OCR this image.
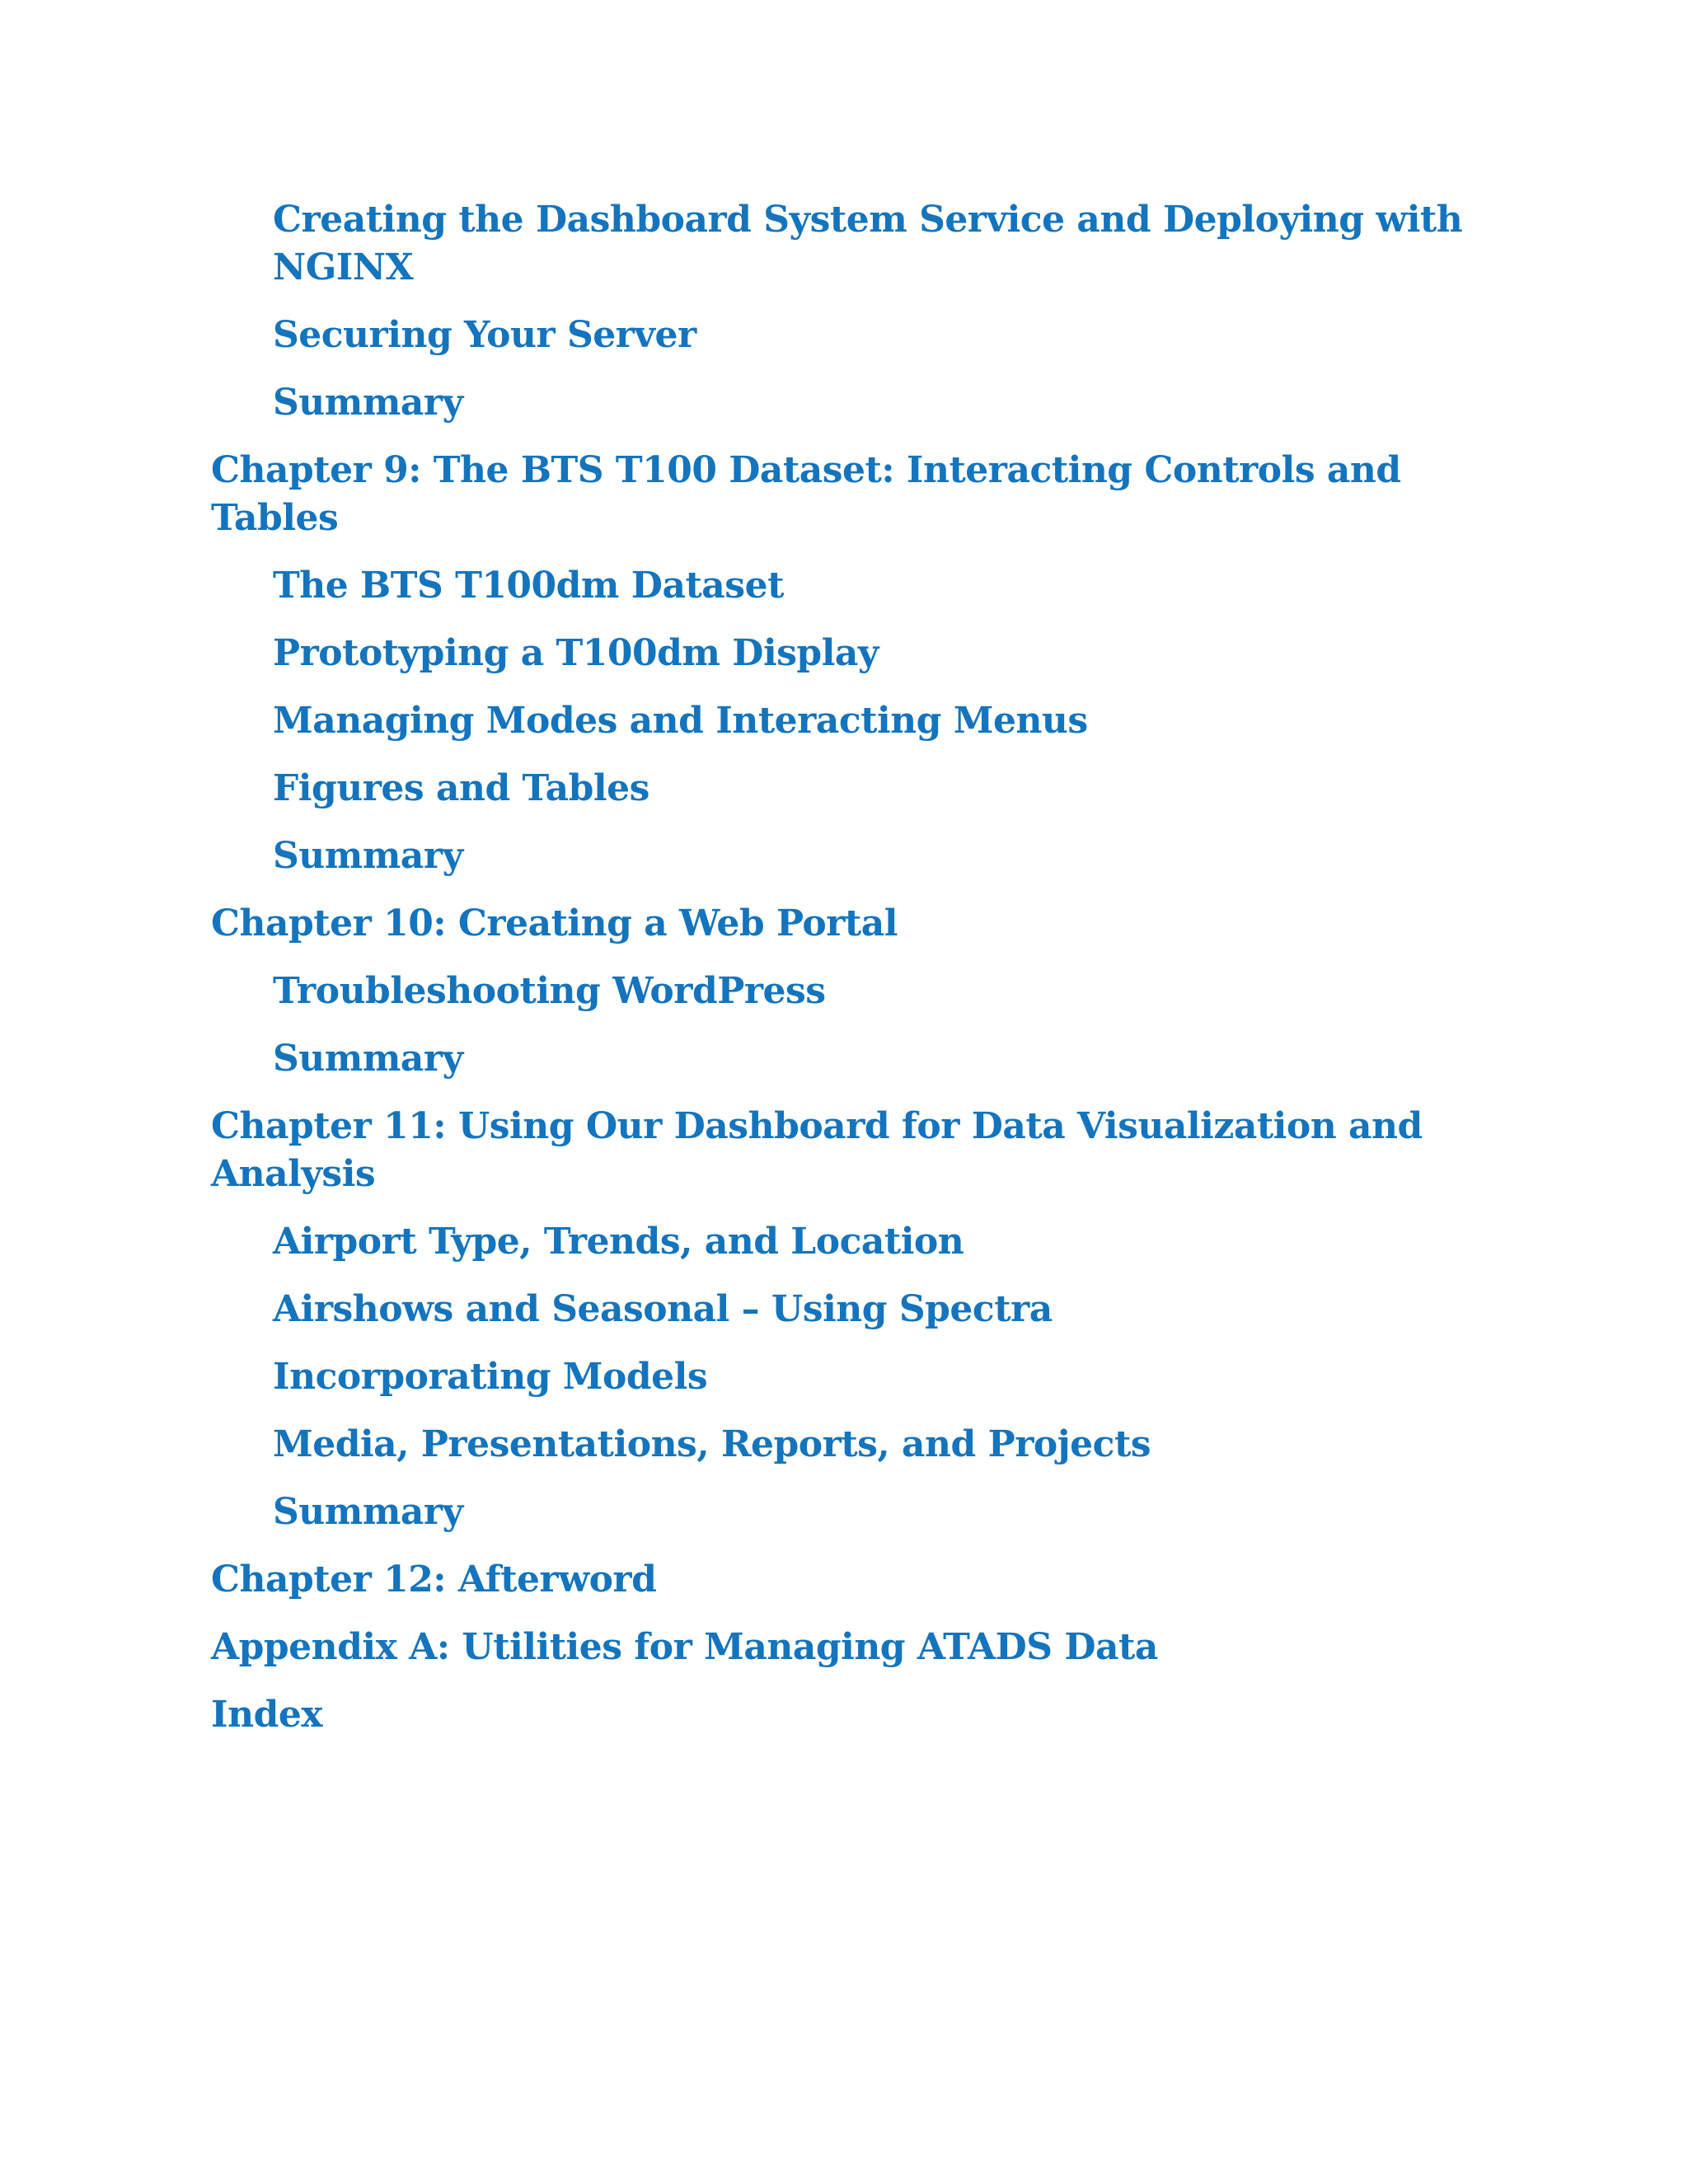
Creating the Dashboard System Service and Deploying with NGINX
Securing Your Server
Summary
Chapter 9: The BTS T100 Dataset: Interacting Controls and Tables
The BTS T100dm Dataset
Prototyping a T100dm Display
Managing Modes and Interacting Menus
Figures and Tables
Summary
Chapter 10: Creating a Web Portal
Troubleshooting WordPress
Summary
Chapter 11: Using Our Dashboard for Data Visualization and Analysis
Airport Type, Trends, and Location
Airshows and Seasonal – Using Spectra
Incorporating Models
Media, Presentations, Reports, and Projects
Summary
Chapter 12: Afterword
Appendix A: Utilities for Managing ATADS Data
Index
